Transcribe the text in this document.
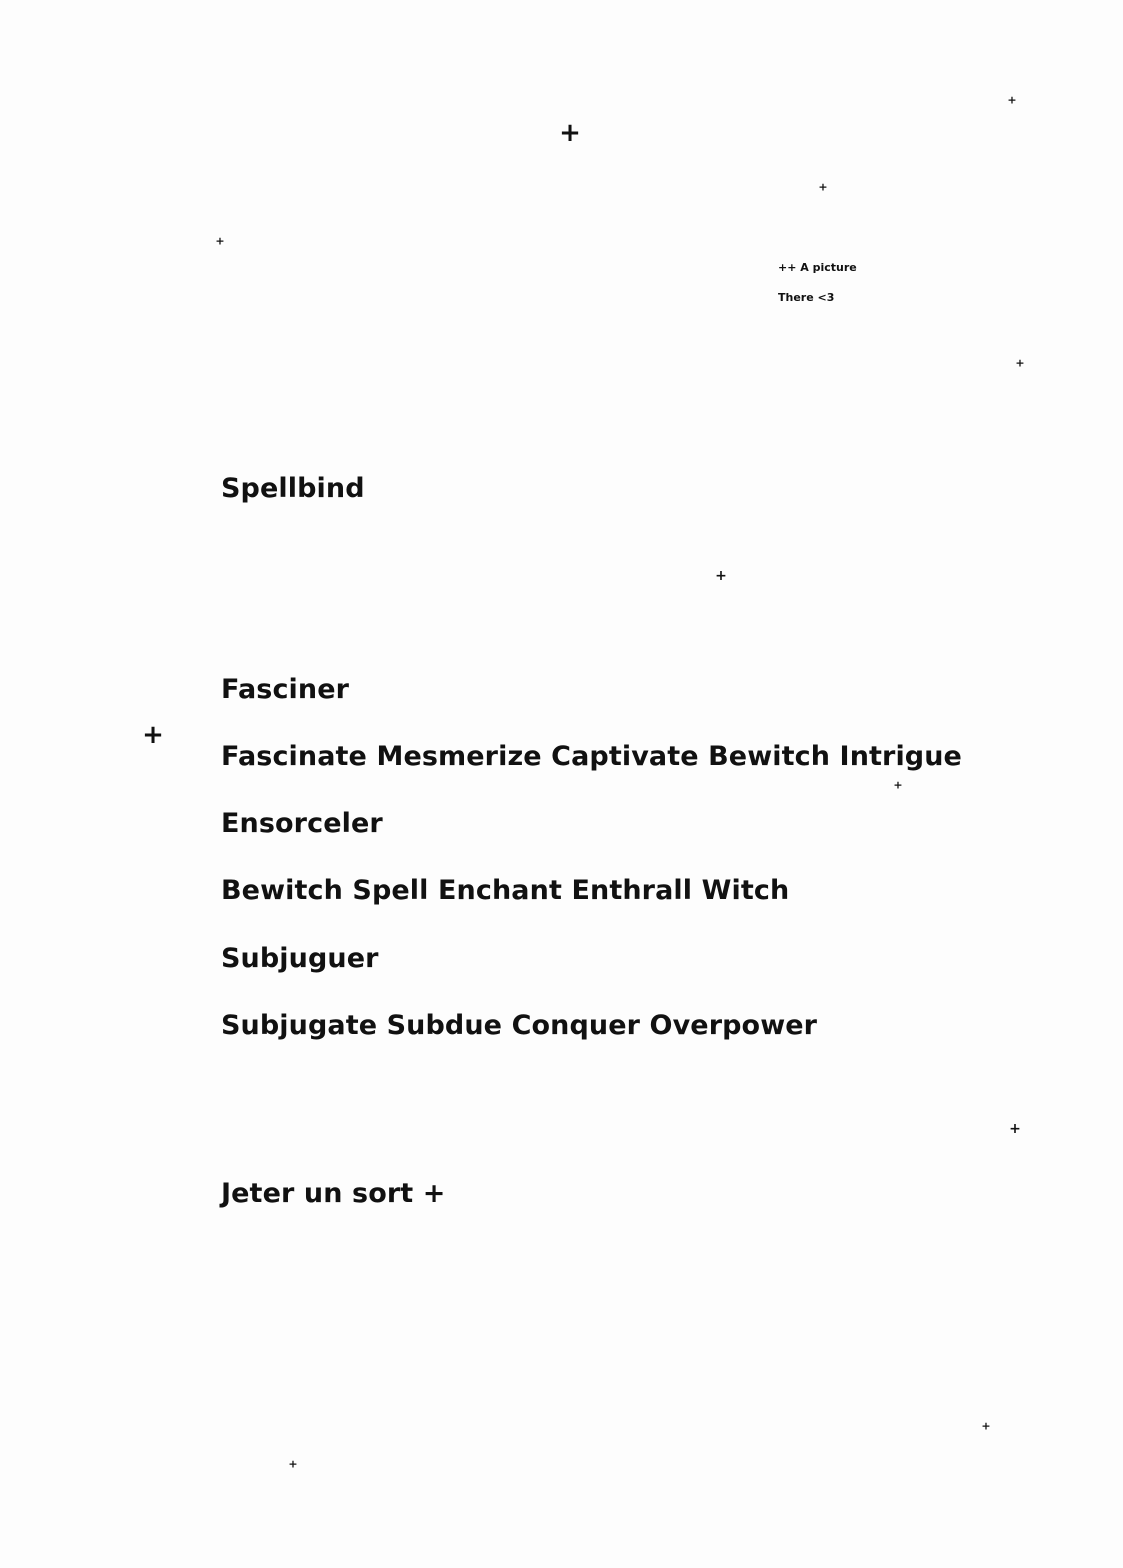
+
+
+
+
+
+
+
+
+
+
+
++ A picture
There <3
Spellbind
Fasciner
Fascinate Mesmerize Captivate Bewitch Intrigue
Ensorceler
Bewitch Spell Enchant Enthrall Witch
Subjuguer
Subjugate Subdue Conquer Overpower
Jeter un sort +
